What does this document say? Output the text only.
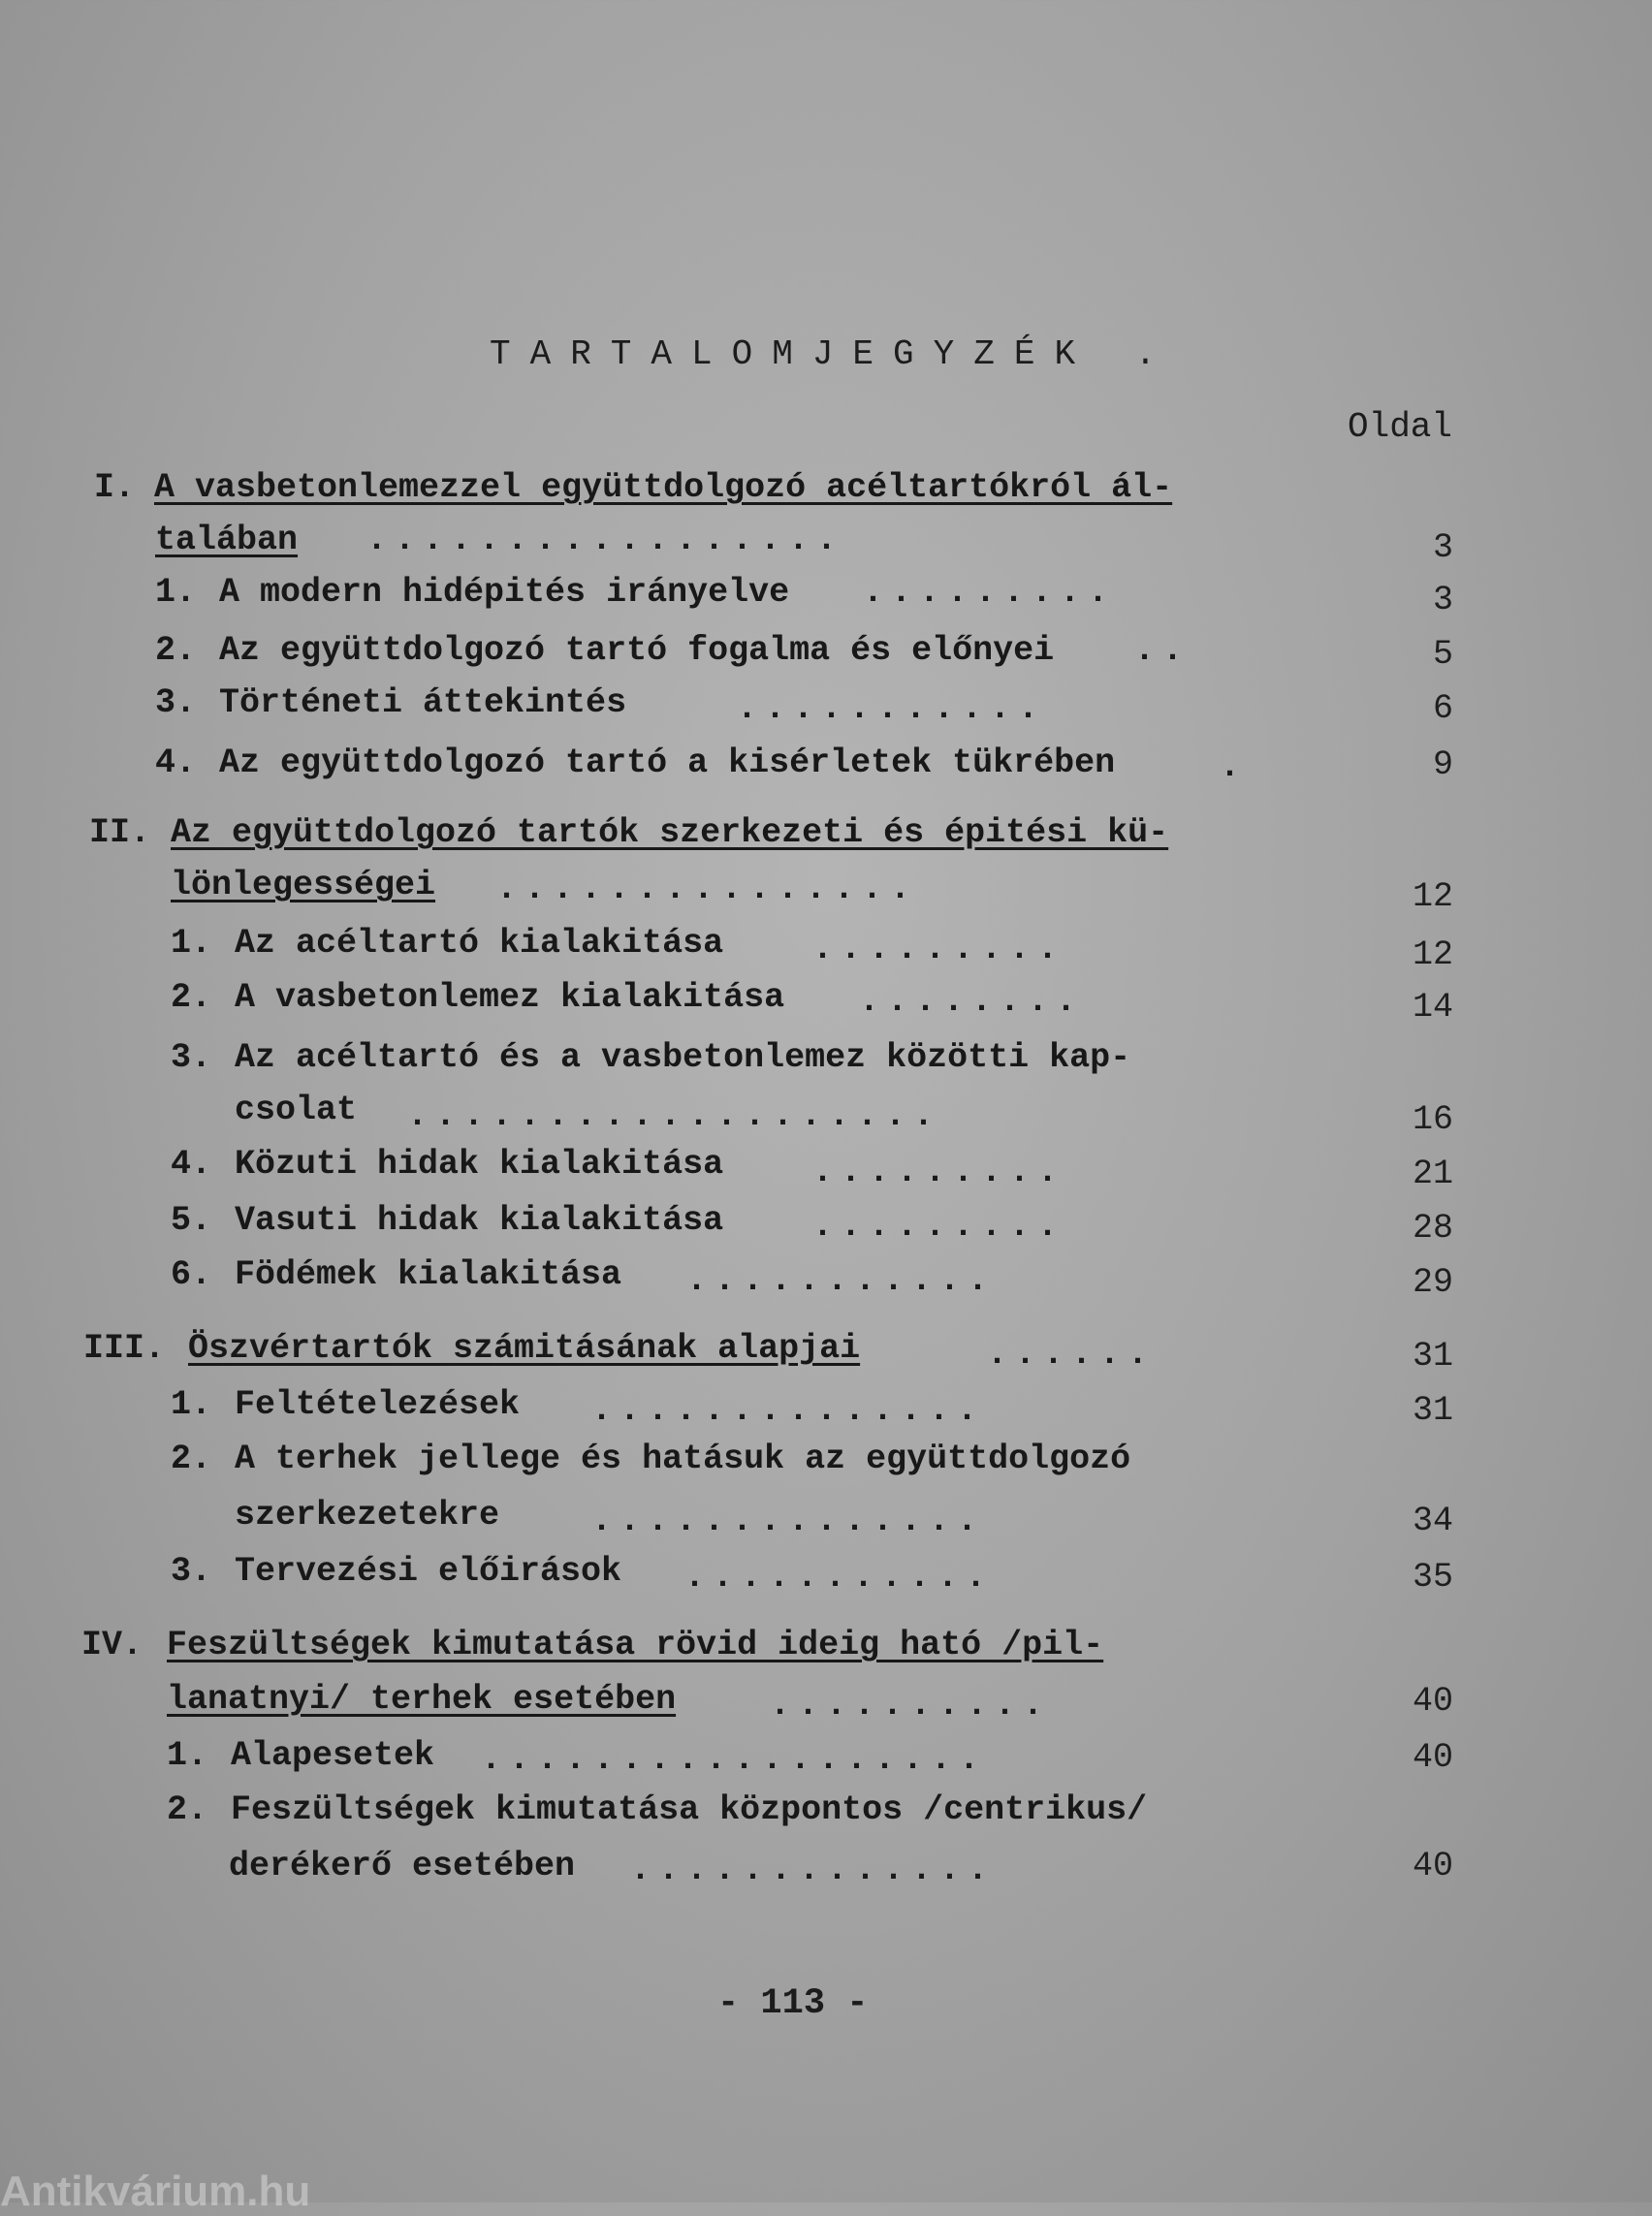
TARTALOMJEGYZÉK .
Oldal
I. A vasbetonlemezzel együttdolgozó acéltartókról ál-
talában .................	3
1. A modern hidépités irányelve .........	3
2. Az együttdolgozó tartó fogalma és előnyei ..	5
3. Történeti áttekintés	...........	6
4. Az együttdolgozó tartó a kisérletek tükrében	.	9
II. Az együttdolgozó tartók szerkezeti és épitési kü-
lönlegességei ...............	12
1. Az acéltartó kialakitása	.........	12
2. A vasbetonlemez kialakitása ........	14
3. Az acéltartó és a vasbetonlemez közötti kap-
csolat ...................	16
4. Közuti hidak kialakitása	.........	21
5. Vasuti hidak kialakitása	.........	28
6. Födémek kialakitása ...........	29
III. Öszvértartók számitásának alapjai	......	31
1. Feltételezések ..............	31
2. A terhek jellege és hatásuk az együttdolgozó
szerkezetekre	..............	34
3. Tervezési előirások ...........	35
IV. Feszültségek kimutatása rövid ideig ható /pil-
lanatnyi/ terhek esetében	..........	40
1. Alapesetek ..................	40
2. Feszültségek kimutatása központos /centrikus/
derékerő esetében .............	40
- 113 -
Antikvárium.hu
